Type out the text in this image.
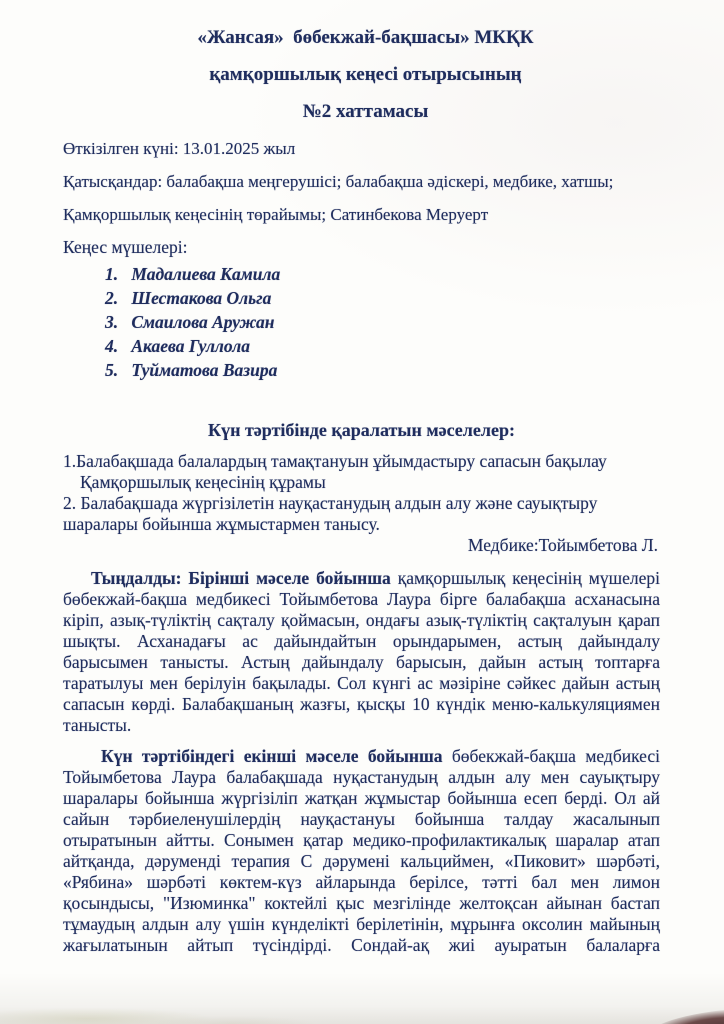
«Жансая»  бөбекжай-бақшасы» МКҚК
қамқоршылық кеңесі отырысының
№2 хаттамасы

Өткізілген күні: 13.01.2025 жыл

Қатысқандар: балабақша меңгерушісі; балабақша әдіскері, медбике, хатшы;

Қамқоршылық кеңесінің төрайымы; Сатинбекова Меруерт

Кеңес мүшелері:

1. Мадалиева Камила
2. Шестакова Ольга
3. Смаилова Аружан
4. Акаева Гуллола
5. Туйматова Вазира
Күн тәртібінде қаралатын мәселелер:
1.Балабақшада балалардың тамақтануын ұйымдастыру сапасын бақылау
Қамқоршылық кеңесінің құрамы
2. Балабақшада жүргізілетін науқастанудың алдын алу және сауықтыру
шаралары бойынша жұмыстармен танысу.
Медбике:Тойымбетова Л.

Тыңдалды: Бірінші мәселе бойынша қамқоршылық кеңесінің мүшелері бөбекжай-бақша медбикесі Тойымбетова Лаура бірге балабақша асханасына кіріп, азық-түліктің сақталу қоймасын, ондағы азық-түліктің сақталуын қарап шықты. Асханадағы ас дайындайтын орындарымен, астың дайындалу барысымен танысты. Астың дайындалу барысын, дайын астың топтарға таратылуы мен берілуін бақылады. Сол күнгі ас мәзіріне сәйкес дайын астың сапасын көрді. Балабақшаның жазғы, қысқы 10 күндік меню-калькуляциямен танысты.

Күн тәртібіндегі екінші мәселе бойынша бөбекжай-бақша медбикесі Тойымбетова Лаура балабақшада нуқастанудың алдын алу мен сауықтыру шаралары бойынша жүргізіліп жатқан жұмыстар бойынша есеп берді. Ол ай сайын тәрбиеленушілердің науқастануы бойынша талдау жасалынып отыратынын айтты. Сонымен қатар медико-профилактикалық шаралар атап айтқанда, дәруменді терапия С дәрумені кальциймен, «Пиковит» шәрбәті, «Рябина» шәрбәті көктем-күз айларында берілсе, тәтті бал мен лимон қосындысы, "Изюминка" коктейлі қыс мезгілінде желтоқсан айынан бастап тұмаудың алдын алу үшін күнделікті берілетінін, мұрынға оксолин майының жағылатынын айтып түсіндірді. Сондай-ақ жиі ауыратын балаларға
